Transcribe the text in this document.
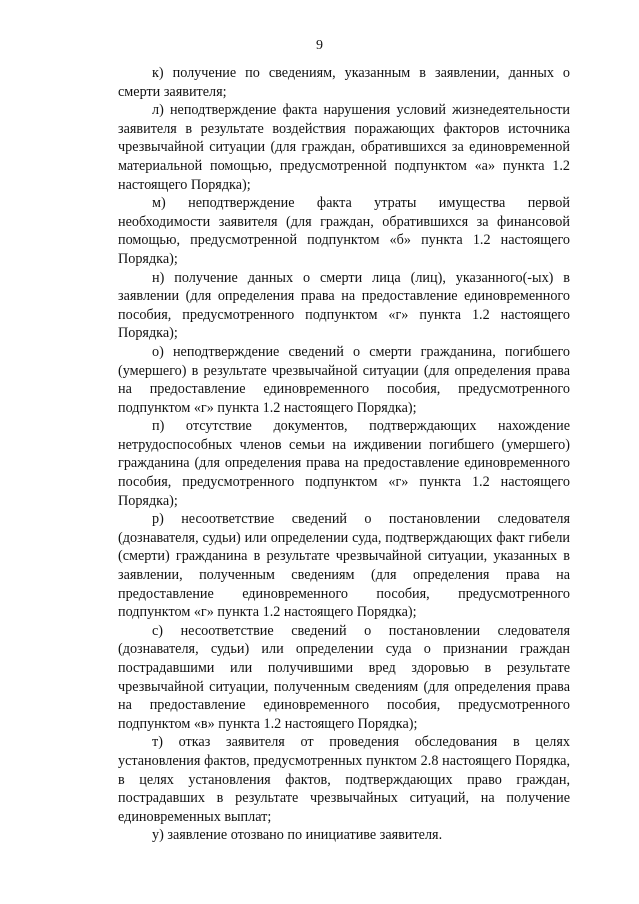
9

к) получение по сведениям, указанным в заявлении, данных о смерти заявителя;

л) неподтверждение факта нарушения условий жизнедеятельности заявителя в результате воздействия поражающих факторов источника чрезвычайной ситуации (для граждан, обратившихся за единовременной материальной помощью, предусмотренной подпунктом «а» пункта 1.2 настоящего Порядка);

м) неподтверждение факта утраты имущества первой необходимости заявителя (для граждан, обратившихся за финансовой помощью, предусмотренной подпунктом «б» пункта 1.2 настоящего Порядка);

н) получение данных о смерти лица (лиц), указанного(-ых) в заявлении (для определения права на предоставление единовременного пособия, предусмотренного подпунктом «г» пункта 1.2 настоящего Порядка);

о) неподтверждение сведений о смерти гражданина, погибшего (умершего) в результате чрезвычайной ситуации (для определения права на предоставление единовременного пособия, предусмотренного подпунктом «г» пункта 1.2 настоящего Порядка);

п) отсутствие документов, подтверждающих нахождение нетрудоспособных членов семьи на иждивении погибшего (умершего) гражданина (для определения права на предоставление единовременного пособия, предусмотренного подпунктом «г» пункта 1.2 настоящего Порядка);

р) несоответствие сведений о постановлении следователя (дознавателя, судьи) или определении суда, подтверждающих факт гибели (смерти) гражданина в результате чрезвычайной ситуации, указанных в заявлении, полученным сведениям (для определения права на предоставление единовременного пособия, предусмотренного подпунктом «г» пункта 1.2 настоящего Порядка);

с) несоответствие сведений о постановлении следователя (дознавателя, судьи) или определении суда о признании граждан пострадавшими или получившими вред здоровью в результате чрезвычайной ситуации, полученным сведениям (для определения права на предоставление единовременного пособия, предусмотренного подпунктом «в» пункта 1.2 настоящего Порядка);

т) отказ заявителя от проведения обследования в целях установления фактов, предусмотренных пунктом 2.8 настоящего Порядка, в целях установления фактов, подтверждающих право граждан, пострадавших в результате чрезвычайных ситуаций, на получение единовременных выплат;

у) заявление отозвано по инициативе заявителя.
